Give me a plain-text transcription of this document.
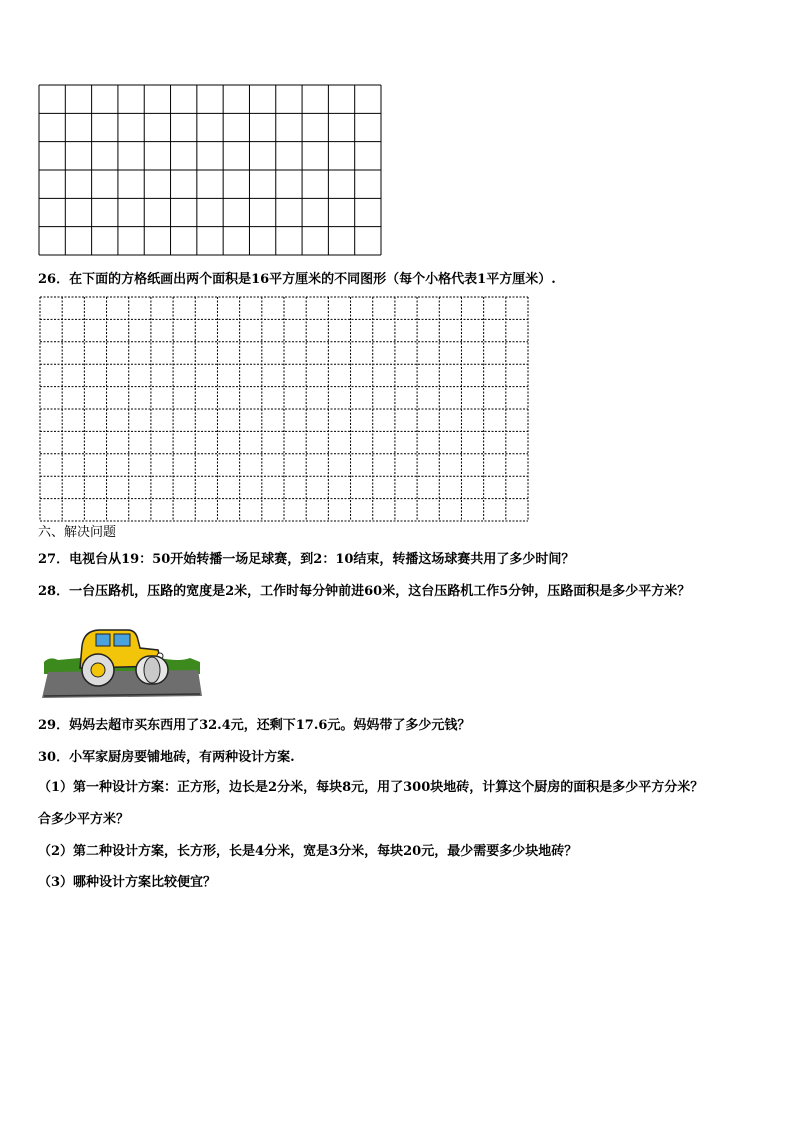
26．在下面的方格纸画出两个面积是16平方厘米的不同图形（每个小格代表1平方厘米）.
六、解决问题
27．电视台从19：50开始转播一场足球赛，到2：10结束，转播这场球赛共用了多少时间？
28．一台压路机，压路的宽度是2米，工作时每分钟前进60米，这台压路机工作5分钟，压路面积是多少平方米？
29．妈妈去超市买东西用了32.4元，还剩下17.6元。妈妈带了多少元钱？
30．小军家厨房要铺地砖，有两种设计方案.
（1）第一种设计方案：正方形，边长是2分米，每块8元，用了300块地砖，计算这个厨房的面积是多少平方分米？
合多少平方米？
（2）第二种设计方案，长方形，长是4分米，宽是3分米，每块20元，最少需要多少块地砖？
（3）哪种设计方案比较便宜？
